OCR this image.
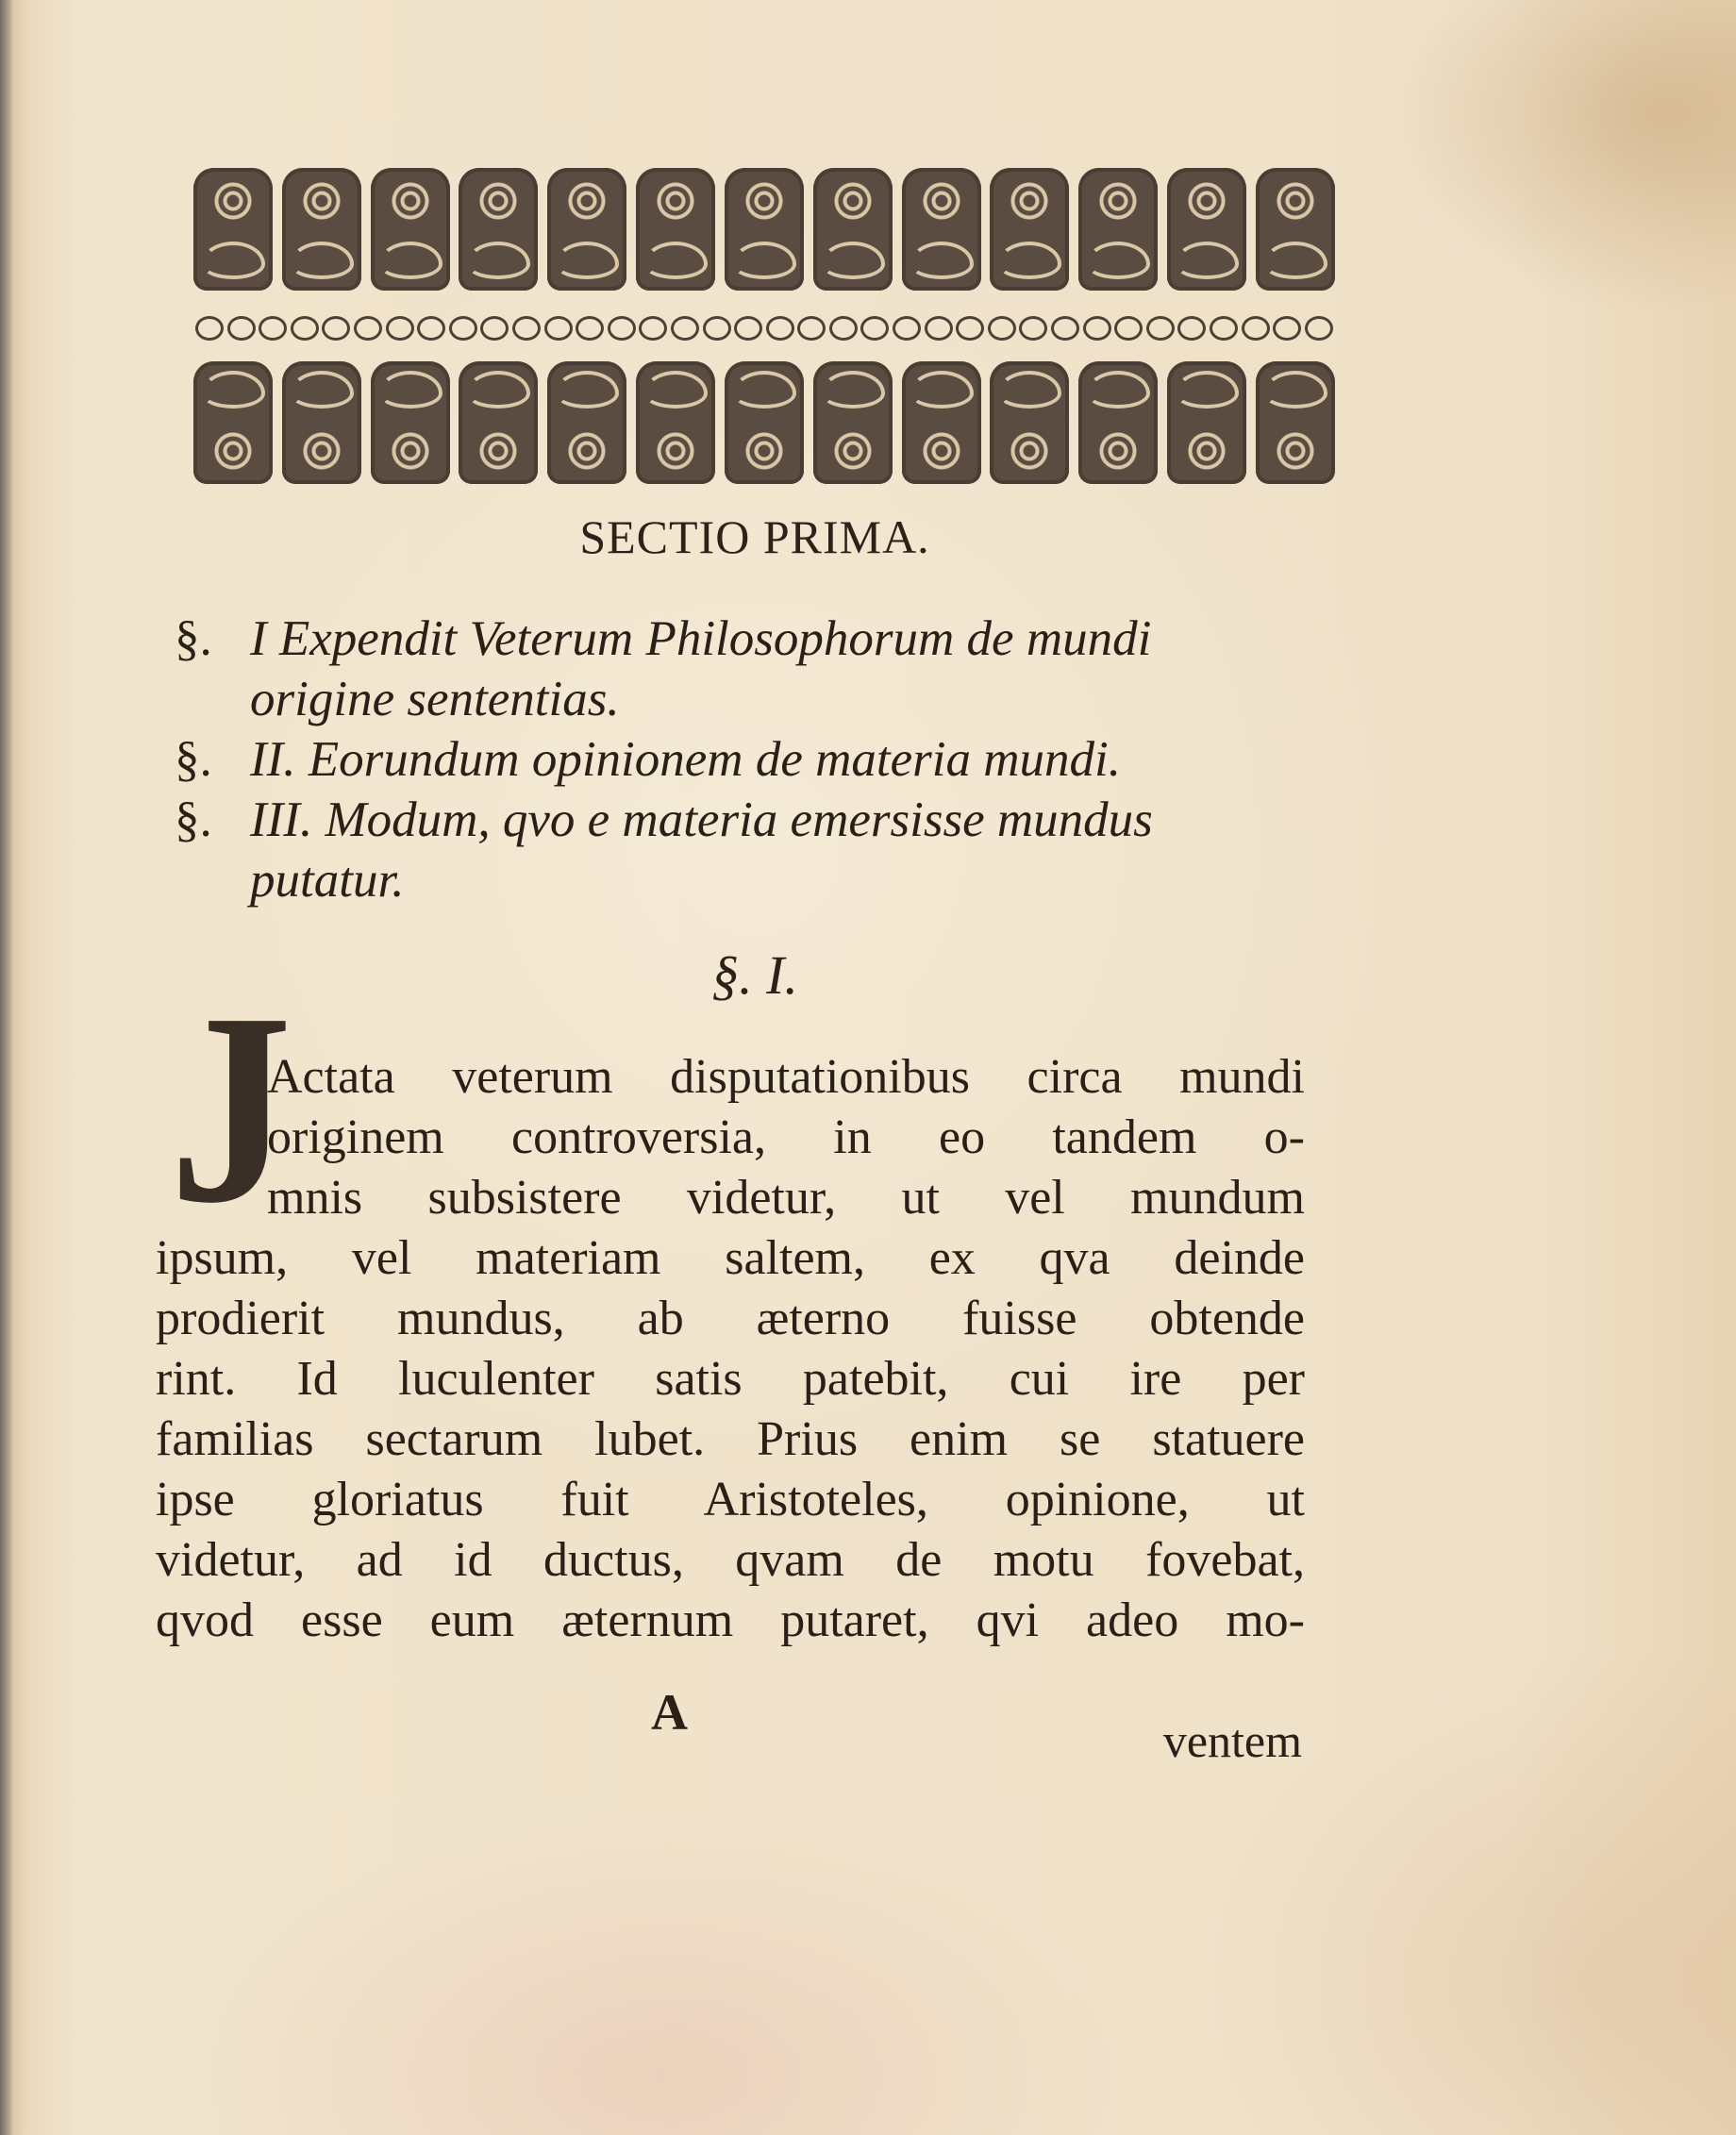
SECTIO PRIMA.
§. I Expendit Veterum Philosophorum de mundi
origine sententias.
§. II. Eorundum opinionem de materia mundi.
§. III. Modum, qvo e materia emersisse mundus
putatur.
§. I.
J
Actata veterum disputationibus circa mundi
originem controversia, in eo tandem o-
mnis subsistere videtur, ut vel mundum
ipsum, vel materiam saltem, ex qva deinde
prodierit mundus, ab æterno fuisse obtende
rint. Id luculenter satis patebit, cui ire per
familias sectarum lubet. Prius enim se statuere
ipse gloriatus fuit Aristoteles, opinione, ut
videtur, ad id ductus, qvam de motu fovebat,
qvod esse eum æternum putaret, qvi adeo mo-
A	ventem
